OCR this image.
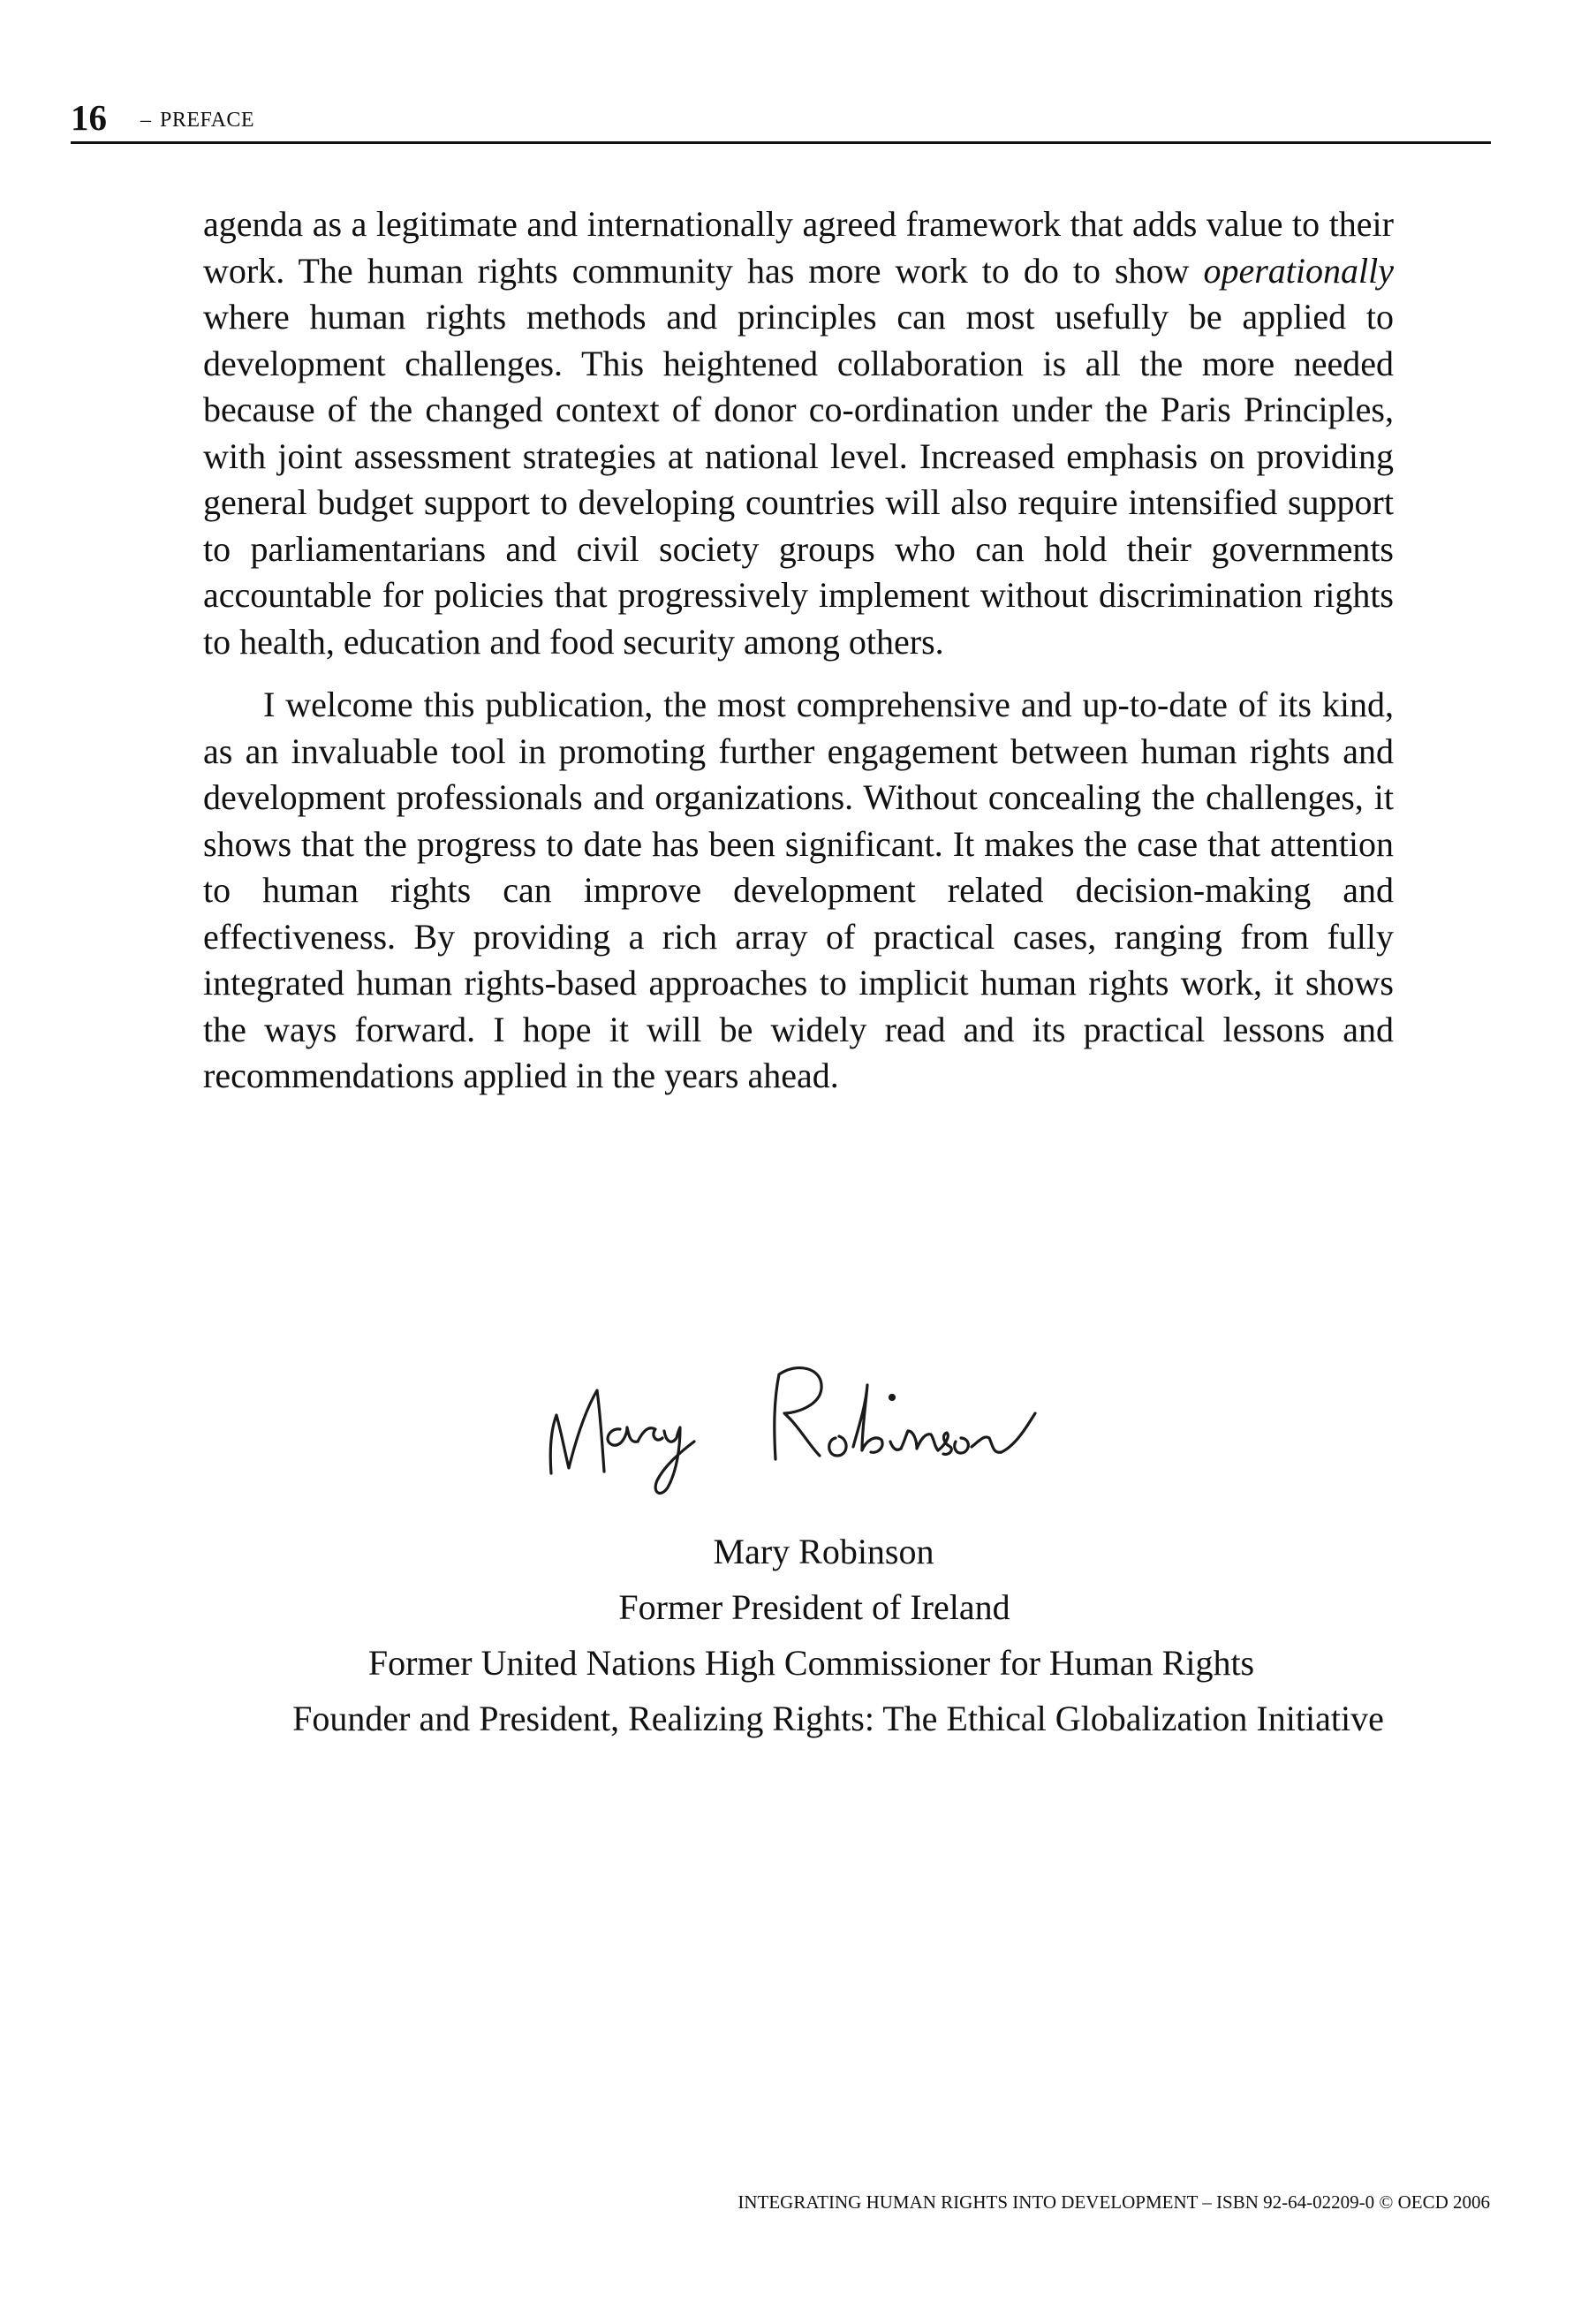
16 – PREFACE

agenda as a legitimate and internationally agreed framework that adds value to their work. The human rights community has more work to do to show operationally where human rights methods and principles can most usefully be applied to development challenges. This heightened collaboration is all the more needed because of the changed context of donor co-ordination under the Paris Principles, with joint assessment strategies at national level. Increased emphasis on providing general budget support to developing countries will also require intensified support to parliamentarians and civil society groups who can hold their governments accountable for policies that progressively implement without discrimination rights to health, education and food security among others.

I welcome this publication, the most comprehensive and up-to-date of its kind, as an invaluable tool in promoting further engagement between human rights and development professionals and organizations. Without concealing the challenges, it shows that the progress to date has been significant. It makes the case that attention to human rights can improve development related decision-making and effectiveness. By providing a rich array of practical cases, ranging from fully integrated human rights-based approaches to implicit human rights work, it shows the ways forward. I hope it will be widely read and its practical lessons and recommendations applied in the years ahead.

Mary Robinson
Former President of Ireland
Former United Nations High Commissioner for Human Rights
Founder and President, Realizing Rights: The Ethical Globalization Initiative
INTEGRATING HUMAN RIGHTS INTO DEVELOPMENT – ISBN 92-64-02209-0 © OECD 2006
